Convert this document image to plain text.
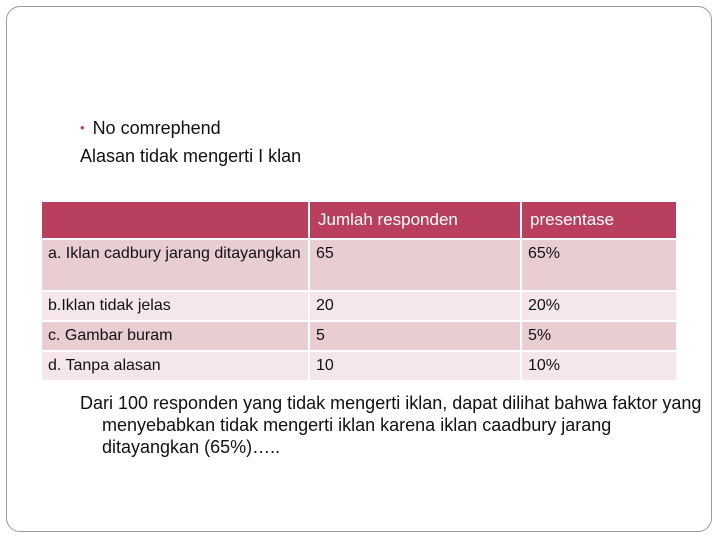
• No comrephend
Alasan tidak mengerti I klan
	Jumlah responden	presentase
a. Iklan cadbury jarang ditayangkan	65	65%
b.Iklan tidak jelas	20	20%
c. Gambar buram	5	5%
d. Tanpa alasan	10	10%
Dari 100 responden yang tidak mengerti iklan, dapat dilihat bahwa faktor yang menyebabkan tidak mengerti iklan karena iklan caadbury jarang ditayangkan (65%)…..
